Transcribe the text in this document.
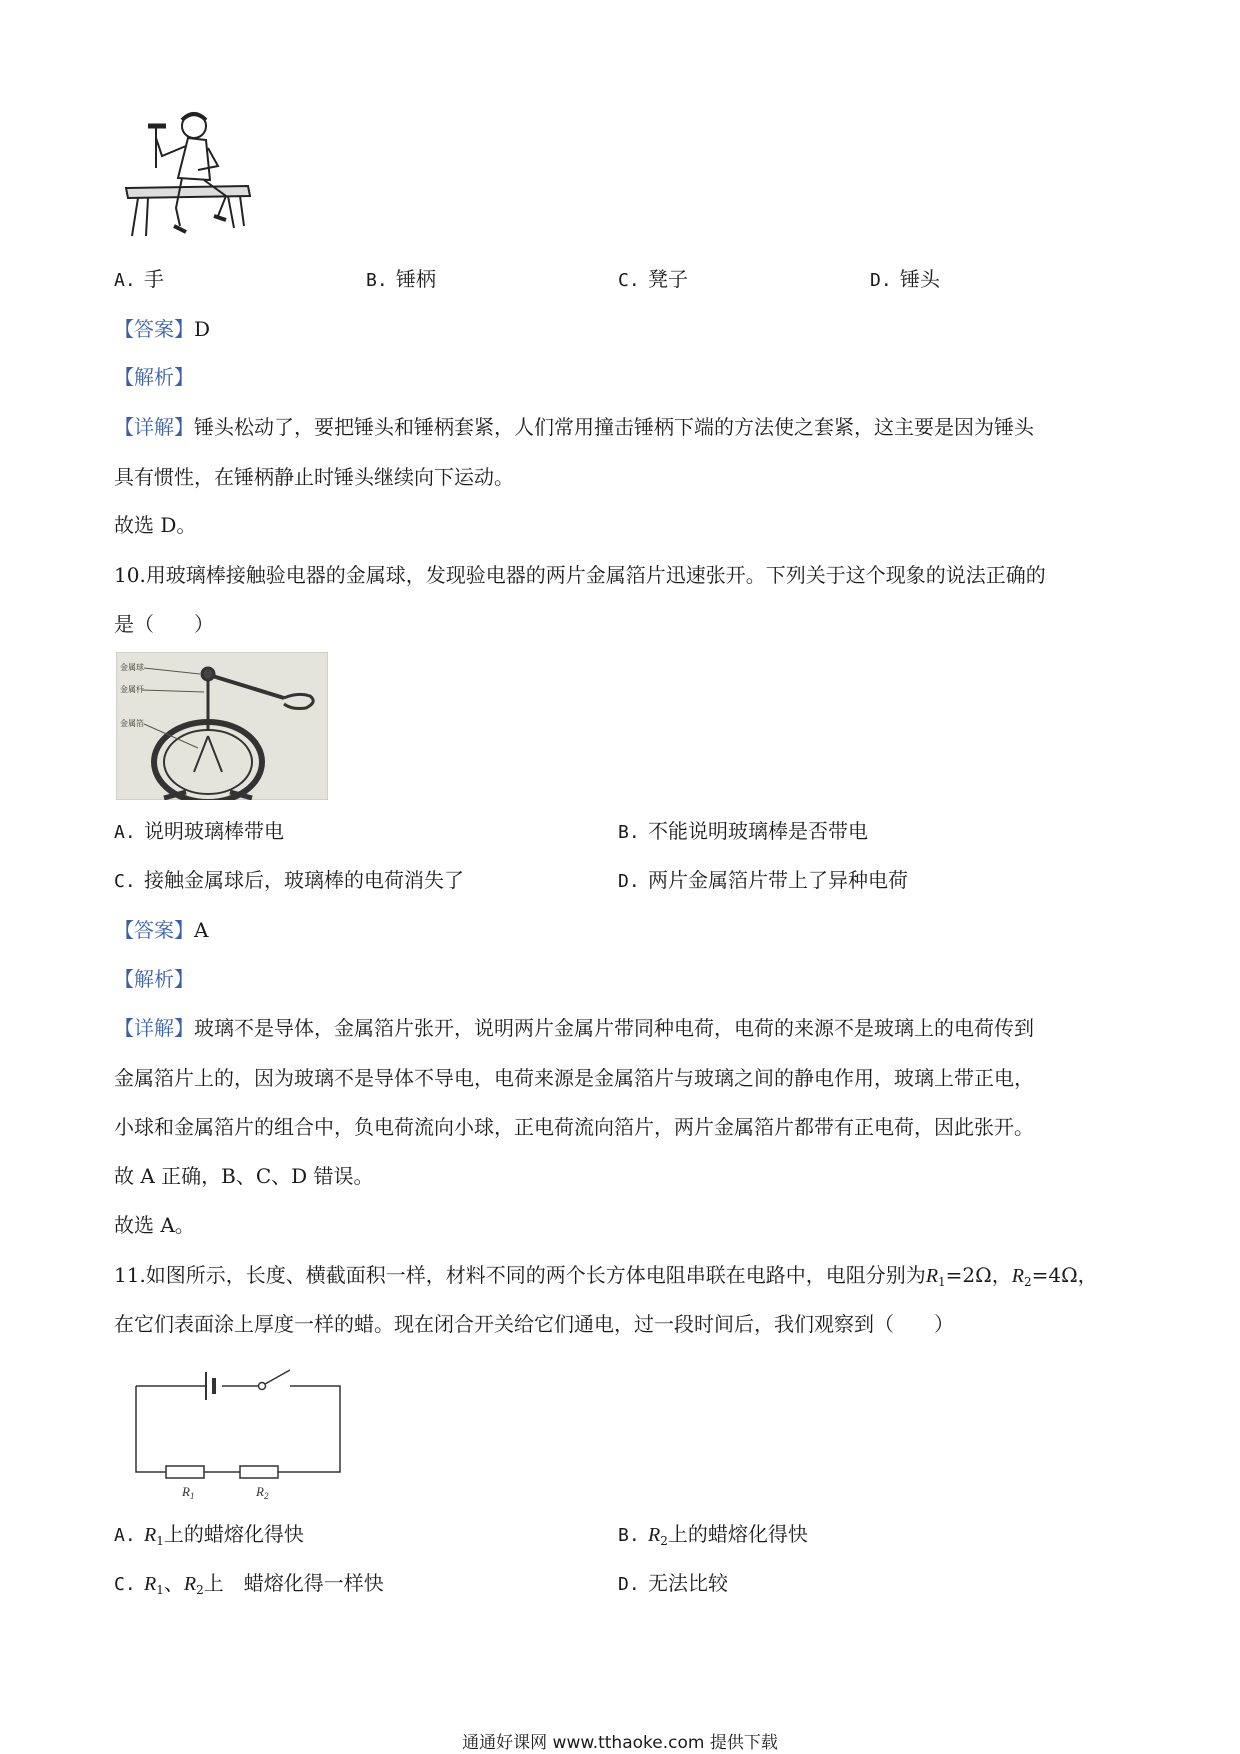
A. 手	B. 锤柄	C. 凳子	D. 锤头
【答案】D
【解析】
【详解】锤头松动了，要把锤头和锤柄套紧，人们常用撞击锤柄下端的方法使之套紧，这主要是因为锤头
具有惯性，在锤柄静止时锤头继续向下运动。
故选 D。
10.用玻璃棒接触验电器的金属球，发现验电器的两片金属箔片迅速张开。下列关于这个现象的说法正确的
是（　　）
金属球
金属杆
金属箔
A. 说明玻璃棒带电	B. 不能说明玻璃棒是否带电
C. 接触金属球后，玻璃棒的电荷消失了	D. 两片金属箔片带上了异种电荷
【答案】A
【解析】
【详解】玻璃不是导体，金属箔片张开，说明两片金属片带同种电荷，电荷的来源不是玻璃上的电荷传到
金属箔片上的，因为玻璃不是导体不导电，电荷来源是金属箔片与玻璃之间的静电作用，玻璃上带正电，
小球和金属箔片的组合中，负电荷流向小球，正电荷流向箔片，两片金属箔片都带有正电荷，因此张开。
故 A 正确，B、C、D 错误。
故选 A。
11.如图所示，长度、横截面积一样，材料不同的两个长方体电阻串联在电路中，电阻分别为$R_1=2\Omega$，$R_2=4\Omega$，
在它们表面涂上厚度一样的蜡。现在闭合开关给它们通电，过一段时间后，我们观察到（　　）
$R_1$	$R_2$
A. $R_1$上的蜡熔化得快	B. $R_2$上的蜡熔化得快
C. $R_1$、$R_2$上　蜡熔化得一样快	D. 无法比较
通通好课网 www.tthaoke.com 提供下载
